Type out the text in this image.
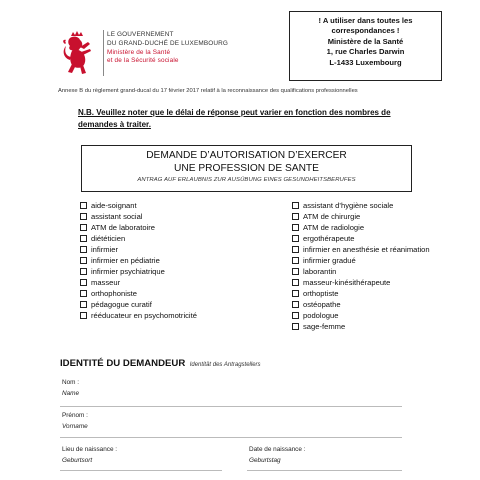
LE GOUVERNEMENT
DU GRAND-DUCHÉ DE LUXEMBOURG
Ministère de la Santé
et de la Sécurité sociale
! A utiliser dans toutes les
correspondances !
Ministère de la Santé
1, rue Charles Darwin
L-1433 Luxembourg
Annexe B du règlement grand-ducal du 17 février 2017 relatif à la reconnaissance des qualifications professionnelles
N.B. Veuillez noter que le délai de réponse peut varier en fonction des nombres de demandes à traiter.
DEMANDE D’AUTORISATION D’EXERCER
UNE PROFESSION DE SANTE
ANTRAG AUF ERLAUBNIS ZUR AUSÜBUNG EINES GESUNDHEITSBERUFES
aide-soignant
assistant social
ATM de laboratoire
diététicien
infirmier
infirmier en pédiatrie
infirmier psychiatrique
masseur
orthophoniste
pédagogue curatif
rééducateur en psychomotricité
assistant d’hygiène sociale
ATM de chirurgie
ATM de radiologie
ergothérapeute
infirmier en anesthésie et réanimation
infirmier gradué
laborantin
masseur-kinésithérapeute
orthoptiste
ostéopathe
podologue
sage-femme
IDENTITÉ DU DEMANDEUR Identität des Antragstellers
Nom :
Name
Prénom :
Vorname
Lieu de naissance :
Geburtsort
Date de naissance :
Geburtstag
